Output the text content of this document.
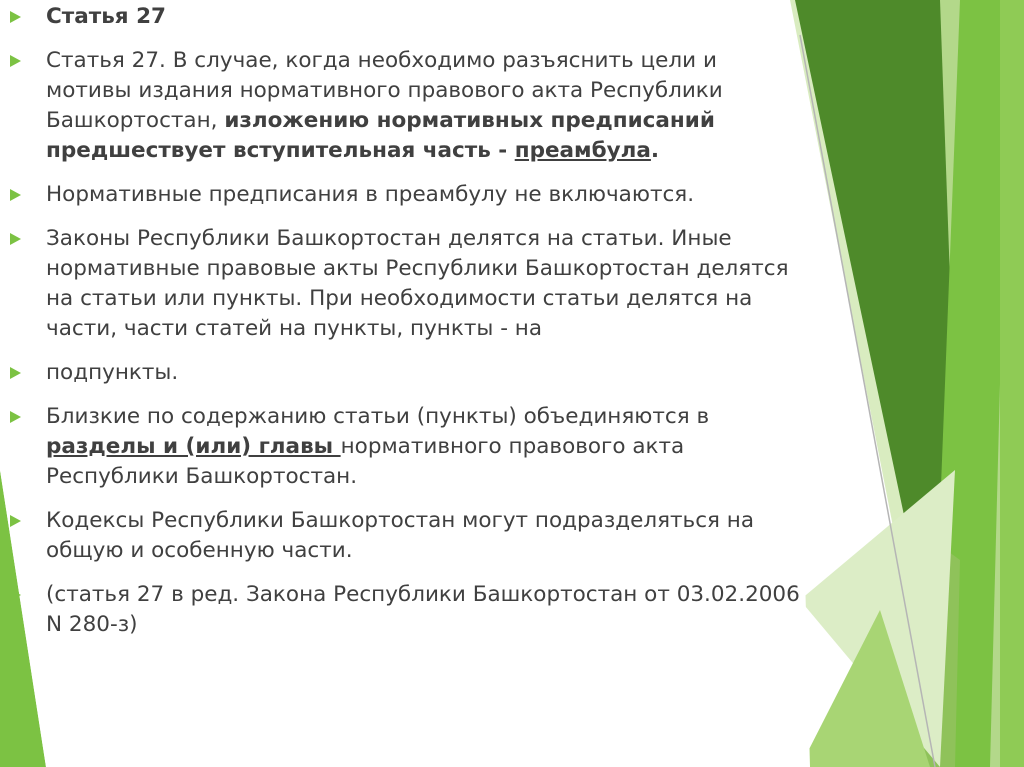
Статья 27
Статья 27. В случае, когда необходимо разъяснить цели и мотивы издания нормативного правового акта Республики Башкортостан, изложению нормативных предписаний предшествует вступительная часть - преамбула.
Нормативные предписания в преамбулу не включаются.
Законы Республики Башкортостан делятся на статьи. Иные нормативные правовые акты Республики Башкортостан делятся на статьи или пункты. При необходимости статьи делятся на части, части статей на пункты, пункты - на
подпункты.
Близкие по содержанию статьи (пункты) объединяются в разделы и (или) главы нормативного правового акта Республики Башкортостан.
Кодексы Республики Башкортостан могут подразделяться на общую и особенную части.
(статья 27 в ред. Закона Республики Башкортостан от 03.02.2006 N 280-з)
